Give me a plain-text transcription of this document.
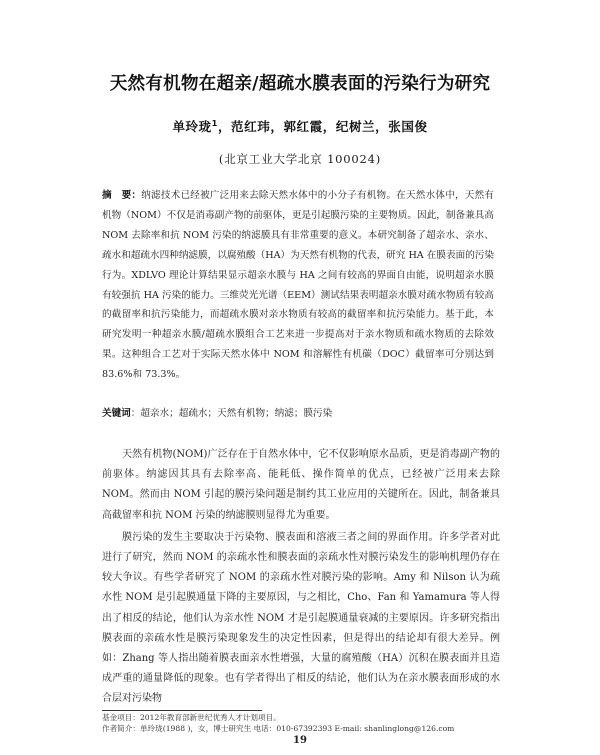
天然有机物在超亲/超疏水膜表面的污染行为研究
单玲珑$^1$，范红玮，郭红霞，纪树兰，张国俊
(北京工业大学北京 100024)
摘　要：纳滤技术已经被广泛用来去除天然水体中的小分子有机物。在天然水体中，天然有机物（NOM）不仅是消毒副产物的前驱体，更是引起膜污染的主要物质。因此，制备兼具高 NOM 去除率和抗 NOM 污染的纳滤膜具有非常重要的意义。本研究制备了超亲水、亲水、疏水和超疏水四种纳滤膜，以腐殖酸（HA）为天然有机物的代表，研究 HA 在膜表面的污染行为。XDLVO 理论计算结果显示超亲水膜与 HA 之间有较高的界面自由能，说明超亲水膜有较强抗 HA 污染的能力。三维荧光光谱（EEM）测试结果表明超亲水膜对疏水物质有较高的截留率和抗污染能力，而超疏水膜对亲水物质有较高的截留率和抗污染能力。基于此，本研究发明一种超亲水膜/超疏水膜组合工艺来进一步提高对于亲水物质和疏水物质的去除效果。这种组合工艺对于实际天然水体中 NOM 和溶解性有机碳（DOC）截留率可分别达到 83.6%和 73.3%。
关键词：超亲水；超疏水；天然有机物；纳滤；膜污染

天然有机物(NOM)广泛存在于自然水体中，它不仅影响原水品质，更是消毒副产物的前驱体。纳滤因其具有去除率高、能耗低、操作简单的优点，已经被广泛用来去除 NOM。然而由 NOM 引起的膜污染问题是制约其工业应用的关键所在。因此，制备兼具高截留率和抗 NOM 污染的纳滤膜则显得尤为重要。

膜污染的发生主要取决于污染物、膜表面和溶液三者之间的界面作用。许多学者对此进行了研究，然而 NOM 的亲疏水性和膜表面的亲疏水性对膜污染发生的影响机理仍存在较大争议。有些学者研究了 NOM 的亲疏水性对膜污染的影响。Amy 和 Nilson 认为疏水性 NOM 是引起膜通量下降的主要原因，与之相比，Cho、Fan 和 Yamamura 等人得出了相反的结论，他们认为亲水性 NOM 才是引起膜通量衰减的主要原因。许多研究指出膜表面的亲疏水性是膜污染现象发生的决定性因素，但是得出的结论却有很大差异。例如：Zhang 等人指出随着膜表面亲水性增强，大量的腐殖酸（HA）沉积在膜表面并且造成严重的通量降低的现象。也有学者得出了相反的结论，他们认为在亲水膜表面形成的水合层对污染物

基金项目：2012年教育部新世纪优秀人才计划项目。
作者简介：单玲珑(1988 )，女，博士研究生 电话：010-67392393 E-mail: shanlinglong@126.com
19
